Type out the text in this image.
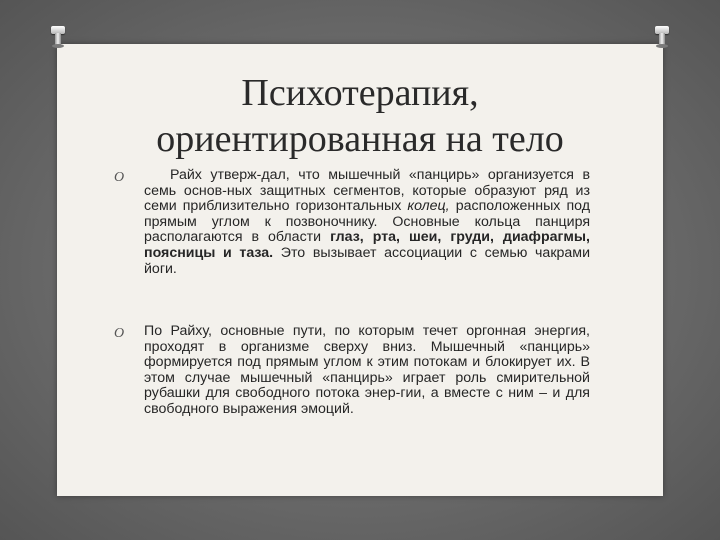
Психотерапия,
ориентированная на тело
O	Райх утверж-дал, что мышечный «панцирь» организуется в семь основ-ных защитных сегментов, которые образуют ряд из семи приблизительно горизонтальных колец, расположенных под прямым углом к позвоночнику. Основные кольца панциря располагаются в области глаз, рта, шеи, груди, диафрагмы, поясницы и таза. Это вызывает ассоциации с семью чакрами йоги.

O По Райху, основные пути, по которым течет оргонная энергия, проходят в организме сверху вниз. Мышечный «панцирь» формируется под прямым углом к этим потокам и блокирует их. В этом случае мышечный «панцирь» играет роль смирительной рубашки для свободного потока энер-гии, а вместе с ним – и для свободного выражения эмоций.
